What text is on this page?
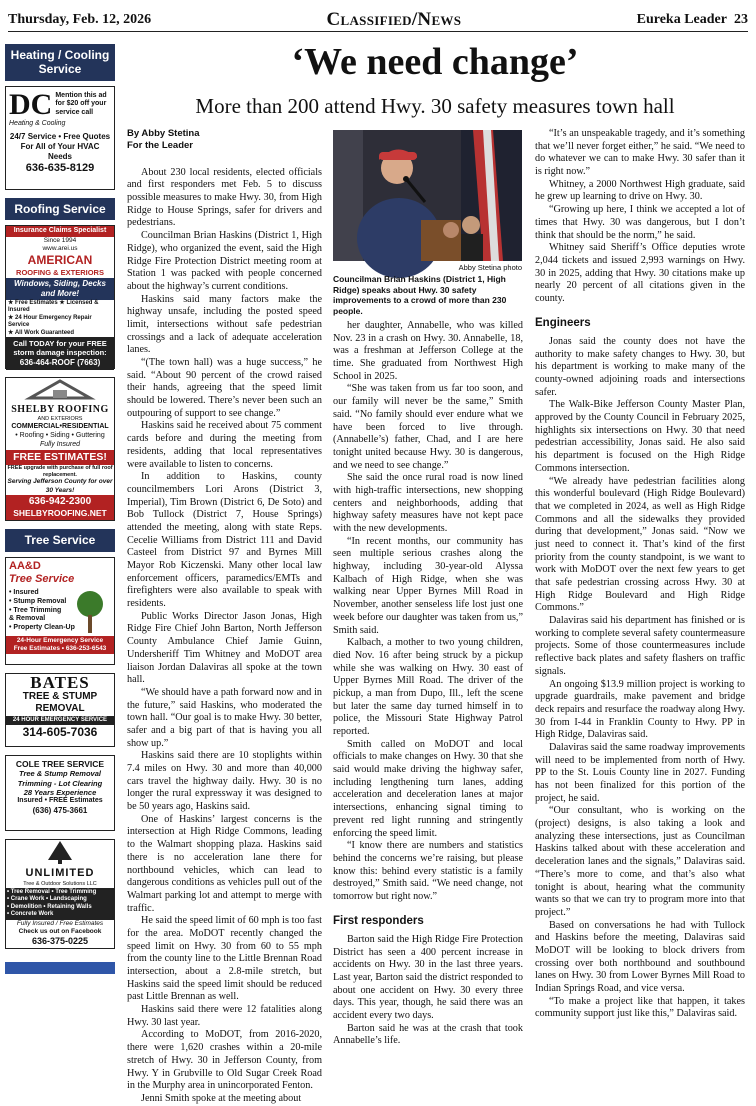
Thursday, Feb. 12, 2026	Classified/News	Eureka Leader 23
Heating / Cooling Service
DC Mention this ad for $20 off your service call
Heating & Cooling
24/7 Service • Free Quotes
For All of Your HVAC Needs
636-635-8129
Roofing Service
Insurance Claims Specialist
Since 1994
www.arei.us
AMERICAN
ROOFING & EXTERIORS
Windows, Siding, Decks and More!
★ Free Estimates ★ Licensed & Insured
★ 24 Hour Emergency Repair Service
★ All Work Guaranteed
Call TODAY for your FREE storm damage inspection:
636-464-ROOF (7663)
SHELBY ROOFING
AND EXTERIORS
COMMERCIAL•RESIDENTIAL
• Roofing • Siding • Guttering
Fully Insured
FREE ESTIMATES!
FREE upgrade with purchase of full roof replacement.
Serving Jefferson County for over 30 Years!
636-942-2300
SHELBYROOFING.NET
Tree Service
AA&D
Tree Service
• Insured
• Stump Removal
• Tree Trimming
& Removal
• Property Clean-Up
24-Hour Emergency Service
Free Estimates • 636-253-6543
BATES
TREE & STUMP
REMOVAL
24 HOUR EMERGENCY SERVICE
314-605-7036
COLE TREE SERVICE
Tree & Stump Removal
Trimming - Lot Clearing
28 Years Experience
Insured • FREE Estimates
(636) 475-3661
UNLIMITED
Tree & Outdoor Solutions LLC
• Tree Removal • Tree Trimming
• Crane Work • Landscaping
• Demolition • Retaining Walls
• Concrete Work
Fully Insured / Free Estimates
Check us out on Facebook
636-375-0225
‘We need change’
More than 200 attend Hwy. 30 safety measures town hall
By Abby Stetina
For the Leader

About 230 local residents, elected officials and first responders met Feb. 5 to discuss possible measures to make Hwy. 30, from High Ridge to House Springs, safer for drivers and pedestrians.

Councilman Brian Haskins (District 1, High Ridge), who organized the event, said the High Ridge Fire Protection District meeting room at Station 1 was packed with people concerned about the highway’s current conditions.

Haskins said many factors make the highway unsafe, including the posted speed limit, intersections without safe pedestrian crossings and a lack of adequate acceleration lanes.

“(The town hall) was a huge success,” he said. “About 90 percent of the crowd raised their hands, agreeing that the speed limit should be lowered. There’s never been such an outpouring of support to see change.”

Haskins said he received about 75 comment cards before and during the meeting from residents, adding that local representatives were available to listen to concerns.

In addition to Haskins, county councilmembers Lori Arons (District 3, Imperial), Tim Brown (District 6, De Soto) and Bob Tullock (District 7, House Springs) attended the meeting, along with state Reps. Cecelie Williams from District 111 and David Casteel from District 97 and Byrnes Mill Mayor Rob Kiczenski. Many other local law enforcement officers, paramedics/EMTs and firefighters were also available to speak with residents.

Public Works Director Jason Jonas, High Ridge Fire Chief John Barton, North Jefferson County Ambulance Chief Jamie Guinn, Undersheriff Tim Whitney and MoDOT area liaison Jordan Dalaviras all spoke at the town hall.

“We should have a path forward now and in the future,” said Haskins, who moderated the town hall. “Our goal is to make Hwy. 30 better, safer and a big part of that is having you all show up.”

Haskins said there are 10 stoplights within 7.4 miles on Hwy. 30 and more than 40,000 cars travel the highway daily. Hwy. 30 is no longer the rural expressway it was designed to be 50 years ago, Haskins said.

One of Haskins’ largest concerns is the intersection at High Ridge Commons, leading to the Walmart shopping plaza. Haskins said there is no acceleration lane there for northbound vehicles, which can lead to dangerous conditions as vehicles pull out of the Walmart parking lot and attempt to merge with traffic.

He said the speed limit of 60 mph is too fast for the area. MoDOT recently changed the speed limit on Hwy. 30 from 60 to 55 mph from the county line to the Little Brennan Road intersection, about a 2.8-mile stretch, but Haskins said the speed limit should be reduced past Little Brennan as well.

Haskins said there were 12 fatalities along Hwy. 30 last year.

According to MoDOT, from 2016-2020, there were 1,620 crashes within a 20-mile stretch of Hwy. 30 in Jefferson County, from Hwy. Y in Grubville to Old Sugar Creek Road in the Murphy area in unincorporated Fenton.

Jenni Smith spoke at the meeting about

Abby Stetina photo
Councilman Brian Haskins (District 1, High Ridge) speaks about Hwy. 30 safety improvements to a crowd of more than 230 people.

her daughter, Annabelle, who was killed Nov. 23 in a crash on Hwy. 30. Annabelle, 18, was a freshman at Jefferson College at the time. She graduated from Northwest High School in 2025.

“She was taken from us far too soon, and our family will never be the same,” Smith said. “No family should ever endure what we have been forced to live through. (Annabelle’s) father, Chad, and I are here tonight united because Hwy. 30 is dangerous, and we need to see change.”

She said the once rural road is now lined with high-traffic intersections, new shopping centers and neighborhoods, adding that highway safety measures have not kept pace with the new developments.

“In recent months, our community has seen multiple serious crashes along the highway, including 30-year-old Alyssa Kalbach of High Ridge, when she was walking near Upper Byrnes Mill Road in November, another senseless life lost just one week before our daughter was taken from us,” Smith said.

Kalbach, a mother to two young children, died Nov. 16 after being struck by a pickup while she was walking on Hwy. 30 east of Upper Byrnes Mill Road. The driver of the pickup, a man from Dupo, Ill., left the scene but later the same day turned himself in to police, the Missouri State Highway Patrol reported.

Smith called on MoDOT and local officials to make changes on Hwy. 30 that she said would make driving the highway safer, including lengthening turn lanes, adding acceleration and deceleration lanes at major intersections, enhancing signal timing to prevent red light running and stringently enforcing the speed limit.

“I know there are numbers and statistics behind the concerns we’re raising, but please know this: behind every statistic is a family destroyed,” Smith said. “We need change, not tomorrow but right now.”

First responders

Barton said the High Ridge Fire Protection District has seen a 400 percent increase in accidents on Hwy. 30 in the last three years. Last year, Barton said the district responded to about one accident on Hwy. 30 every three days. This year, though, he said there was an accident every two days.

Barton said he was at the crash that took Annabelle’s life.

“It’s an unspeakable tragedy, and it’s something that we’ll never forget either,” he said. “We need to do whatever we can to make Hwy. 30 safer than it is right now.”

Whitney, a 2000 Northwest High graduate, said he grew up learning to drive on Hwy. 30.

“Growing up here, I think we accepted a lot of times that Hwy. 30 was dangerous, but I don’t think that should be the norm,” he said.

Whitney said Sheriff’s Office deputies wrote 2,044 tickets and issued 2,993 warnings on Hwy. 30 in 2025, adding that Hwy. 30 citations make up nearly 20 percent of all citations given in the county.

Engineers

Jonas said the county does not have the authority to make safety changes to Hwy. 30, but his department is working to make many of the county-owned adjoining roads and intersections safer.

The Walk-Bike Jefferson County Master Plan, approved by the County Council in February 2025, highlights six intersections on Hwy. 30 that need pedestrian accessibility, Jonas said. He also said his department is focused on the High Ridge Commons intersection.

“We already have pedestrian facilities along this wonderful boulevard (High Ridge Boulevard) that we completed in 2024, as well as High Ridge Commons and all the sidewalks they provided during that development,” Jonas said. “Now we just need to connect it. That’s kind of the first priority from the county standpoint, is we want to work with MoDOT over the next few years to get that safe pedestrian crossing across Hwy. 30 at High Ridge Boulevard and High Ridge Commons.”

Dalaviras said his department has finished or is working to complete several safety countermeasure projects. Some of those countermeasures include reflective back plates and safety flashers on traffic signals.

An ongoing $13.9 million project is working to upgrade guardrails, make pavement and bridge deck repairs and resurface the roadway along Hwy. 30 from I-44 in Franklin County to Hwy. PP in High Ridge, Dalaviras said.

Dalaviras said the same roadway improvements will need to be implemented from north of Hwy. PP to the St. Louis County line in 2027. Funding has not been finalized for this portion of the project, he said.

“Our consultant, who is working on the (project) designs, is also taking a look and analyzing these intersections, just as Councilman Haskins talked about with these acceleration and deceleration lanes and the signals,” Dalaviras said. “There’s more to come, and that’s also what tonight is about, hearing what the community wants so that we can try to program more into that project.”

Based on conversations he had with Tullock and Haskins before the meeting, Dalaviras said MoDOT will be looking to block drivers from crossing over both northbound and southbound lanes on Hwy. 30 from Lower Byrnes Mill Road to Indian Springs Road, and vice versa.

“To make a project like that happen, it takes community support just like this,” Dalaviras said.
